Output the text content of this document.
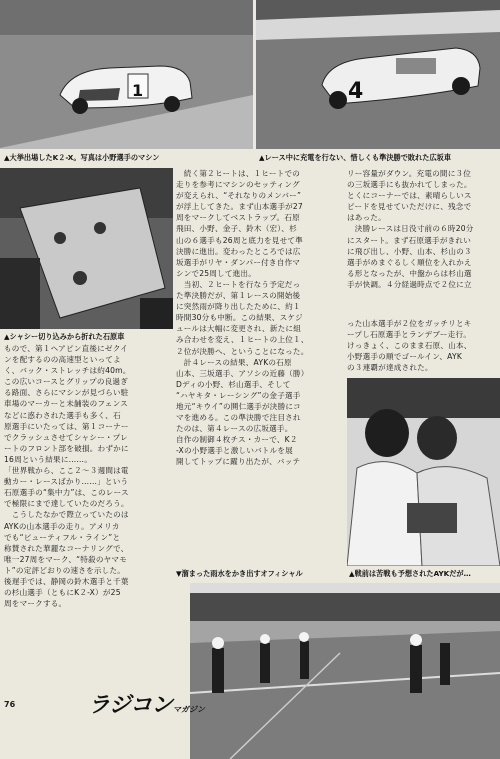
1	4
▲大挙出場したK２-X。写真は小野選手のマシン	▲レース中に充電を行ない、惜しくも準決勝で敗れた広坂車
▲シャシー切り込みから折れた石原車

もので、第１ヘアピン直後にゼクイ

ンを配するのの高速型といってよ

く、バック・ストレッチは約40m。

この広いコースとグリップの良過ぎ

る路面、さらにマシンが見づらい駐

車場のマーカーと未舗装のフェンス

などに惑わされた選手も多く、石

原選手にいたっては、第１コーナー

でクラッシュさせてシャシー・プレ

ートのフロント部を破損。わずかに

16周という結果に……。

「世界戦から、ここ２〜３週間は電

動カー・レースばかり……」という

石原選手の“集中力”は、このレース

で極限にまで達していたのだろう。

　こうしたなかで際立っていたのは

AYKの山本選手の走り。アメリカ

でも“ビューティフル・ライン”と

称賛された華麗なコーナリングで、

唯一27周をマーク、“特殺のヤマモ

ト”の定評どおりの速さを示した。

後遅手では、静岡の鈴木選手と千葉

の杉山選手（ともにK２-X）が25

周をマークする。

　続く第２ヒートは、１ヒートでの

走りを参考にマシンのセッティング

が変えられ、“それなりのメンバー”

が浮上してきた。まず山本選手が27

周をマークしてベストラップ。石原

飛田、小野、金子、鈴木（宏）、杉

山の６選手も26周と底力を見せて準

決勝に進出。変わったところでは広

坂選手がリヤ・ダンパー付き自作マ

シンで25周して進出。

　当初、２ヒートを行なう予定だっ

た準決勝だが、第１レースの開始後

に突然雨が降り出したために、約１

時間30分も中断。この結果、スケジ

ュールは大幅に変更され、新たに組

み合わせを変え、１ヒートの上位１、

２位が決勝へ、ということになった。

　計４レースの結果、AYKの石原

山本、三坂選手、アソシの近藤（勝）

Dディの小野、杉山選手、そして

“ハヤキタ・レーシング”の金子選手

地元“キウイ”の鬨仁選手が決勝にコ

マを進める。この準決勝で注目され

たのは、第４レースの広坂選手。

自作の制御４枚チス・カーで、K２

-Xの小野選手と激しいバトルを展

開してトップに躍り出たが、バッテ

リー容量がダウン。充電の間に３位

の三坂選手にも抜かれてしまった。

とくにコーナーでは、素晴らしいス

ピードを見せていただけに、残念で

はあった。

　決勝レースは日没寸前の６時20分

にスタート。まず石原選手がきれい

に飛び出し、小野、山本、杉山の３

選手がめまぐるしく順位を入れかえ

る形となったが、中盤からは杉山選

手が快調。４分経過時点で２位に立

った山本選手が２位をガッチリとキ

ープし石原選手とランデブー走行。

けっきょく、このまま石原、山本、

小野選手の順でゴールイン、AYK

の３連覇が達成された。

▲戦前は苦戦も予想されたAYKだが…
▼溜まった雨水をかき出すオフィシャル
76	ラジコンマガジン
